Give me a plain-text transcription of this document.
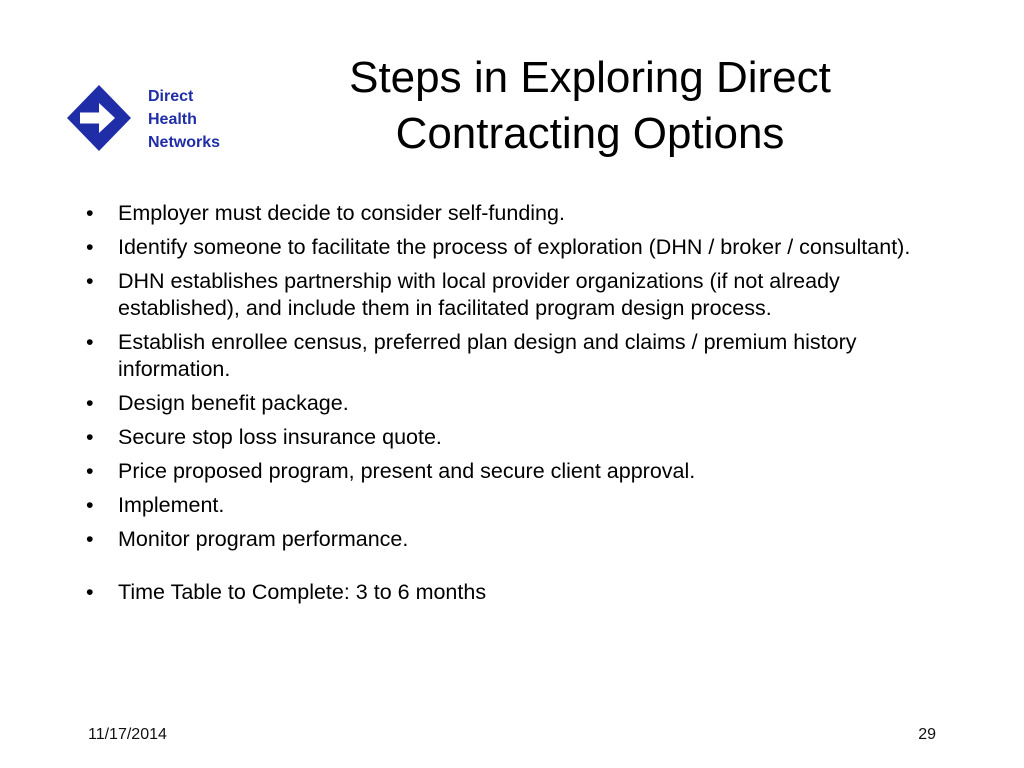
Direct
Health
Networks
Steps in Exploring Direct
Contracting Options
• Employer must decide to consider self-funding.
• Identify someone to facilitate the process of exploration (DHN / broker / consultant).
• DHN establishes partnership with local provider organizations (if not already established), and include them in facilitated program design process.
• Establish enrollee census, preferred plan design and claims / premium history information.
• Design benefit package.
• Secure stop loss insurance quote.
• Price proposed program, present and secure client approval.
• Implement.
• Monitor program performance.
• Time Table to Complete: 3 to 6 months
11/17/2014	29
